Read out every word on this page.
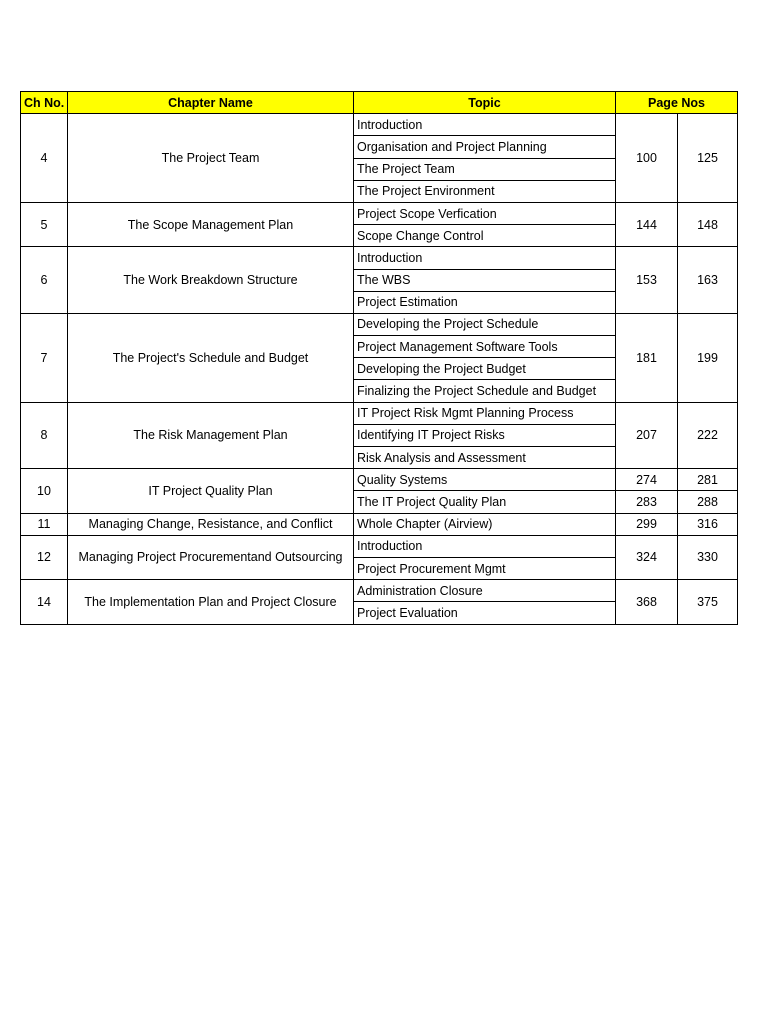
Ch No.	Chapter Name	Topic	Page Nos	
4	The Project Team	Introduction	100	125
		Organisation and Project Planning		
		The Project Team		
		The Project Environment		
5	The Scope Management Plan	Project Scope Verfication	144	148
		Scope Change Control		
6	The Work Breakdown Structure	Introduction	153	163
		The WBS		
		Project Estimation		
7	The Project's Schedule and Budget	Developing the Project Schedule	181	199
		Project Management Software Tools		
		Developing the Project Budget		
		Finalizing the Project Schedule and Budget		
8	The Risk Management Plan	IT Project Risk Mgmt Planning Process	207	222
		Identifying IT Project Risks		
		Risk Analysis and Assessment		
10	IT Project Quality Plan	Quality Systems	274	281
		The IT Project Quality Plan	283	288
11	Managing Change, Resistance, and Conflict	Whole Chapter (Airview)	299	316
12	Managing Project Procurementand Outsourcing	Introduction	324	330
		Project Procurement Mgmt		
14	The Implementation Plan and Project Closure	Administration Closure	368	375
		Project Evaluation		
